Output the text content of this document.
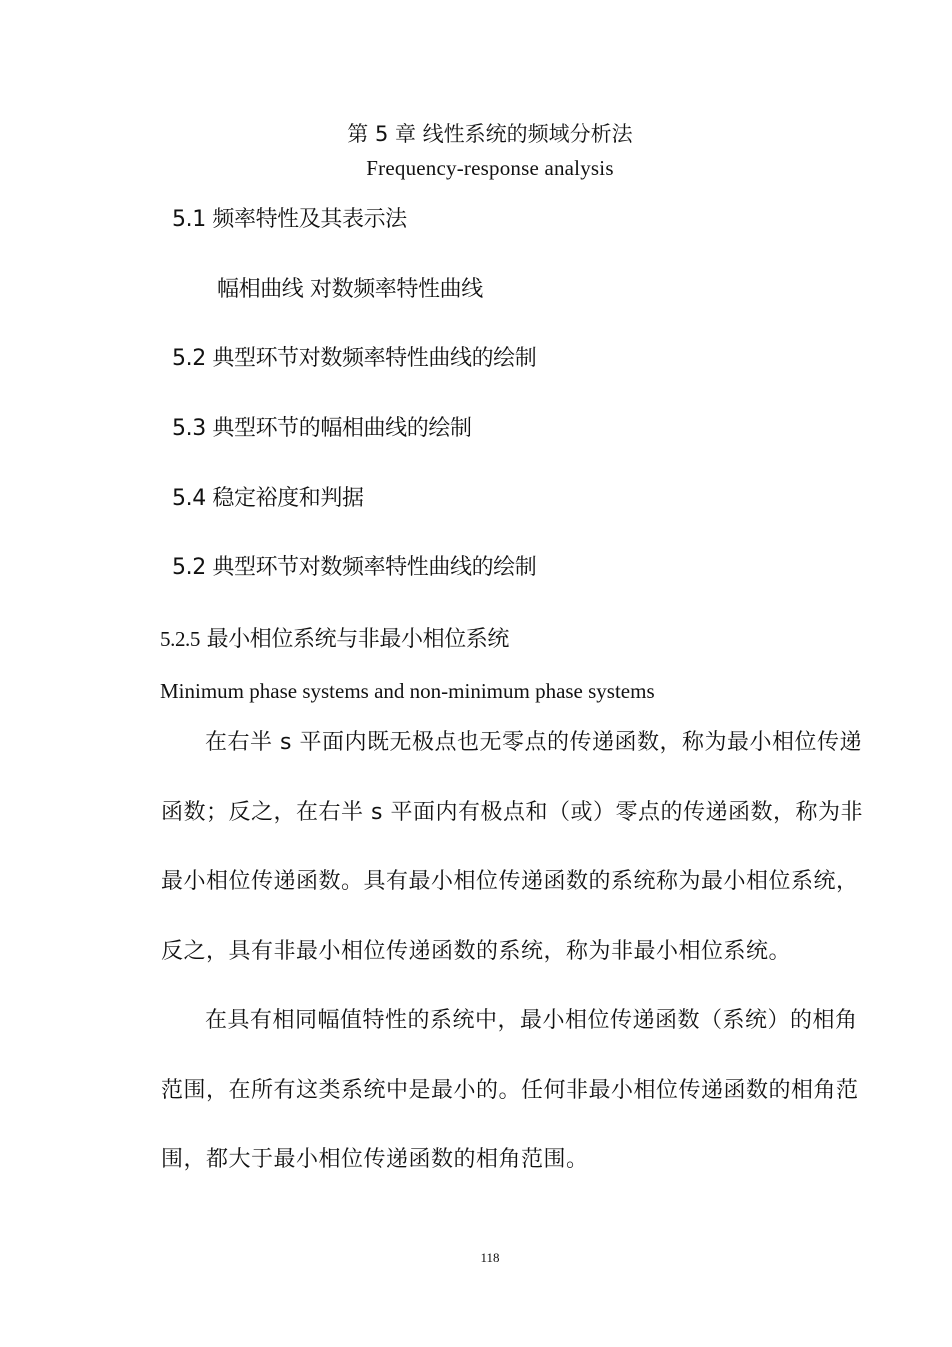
第 5 章 线性系统的频域分析法
Frequency-response analysis
5.1 频率特性及其表示法
幅相曲线 对数频率特性曲线
5.2 典型环节对数频率特性曲线的绘制
5.3 典型环节的幅相曲线的绘制
5.4 稳定裕度和判据
5.2 典型环节对数频率特性曲线的绘制
5.2.5 最小相位系统与非最小相位系统
Minimum phase systems and non-minimum phase systems
在右半 s 平面内既无极点也无零点的传递函数，称为最小相位传递
函数；反之，在右半 s 平面内有极点和（或）零点的传递函数，称为非
最小相位传递函数。具有最小相位传递函数的系统称为最小相位系统，
反之，具有非最小相位传递函数的系统，称为非最小相位系统。
在具有相同幅值特性的系统中，最小相位传递函数（系统）的相角
范围，在所有这类系统中是最小的。任何非最小相位传递函数的相角范
围，都大于最小相位传递函数的相角范围。
118
